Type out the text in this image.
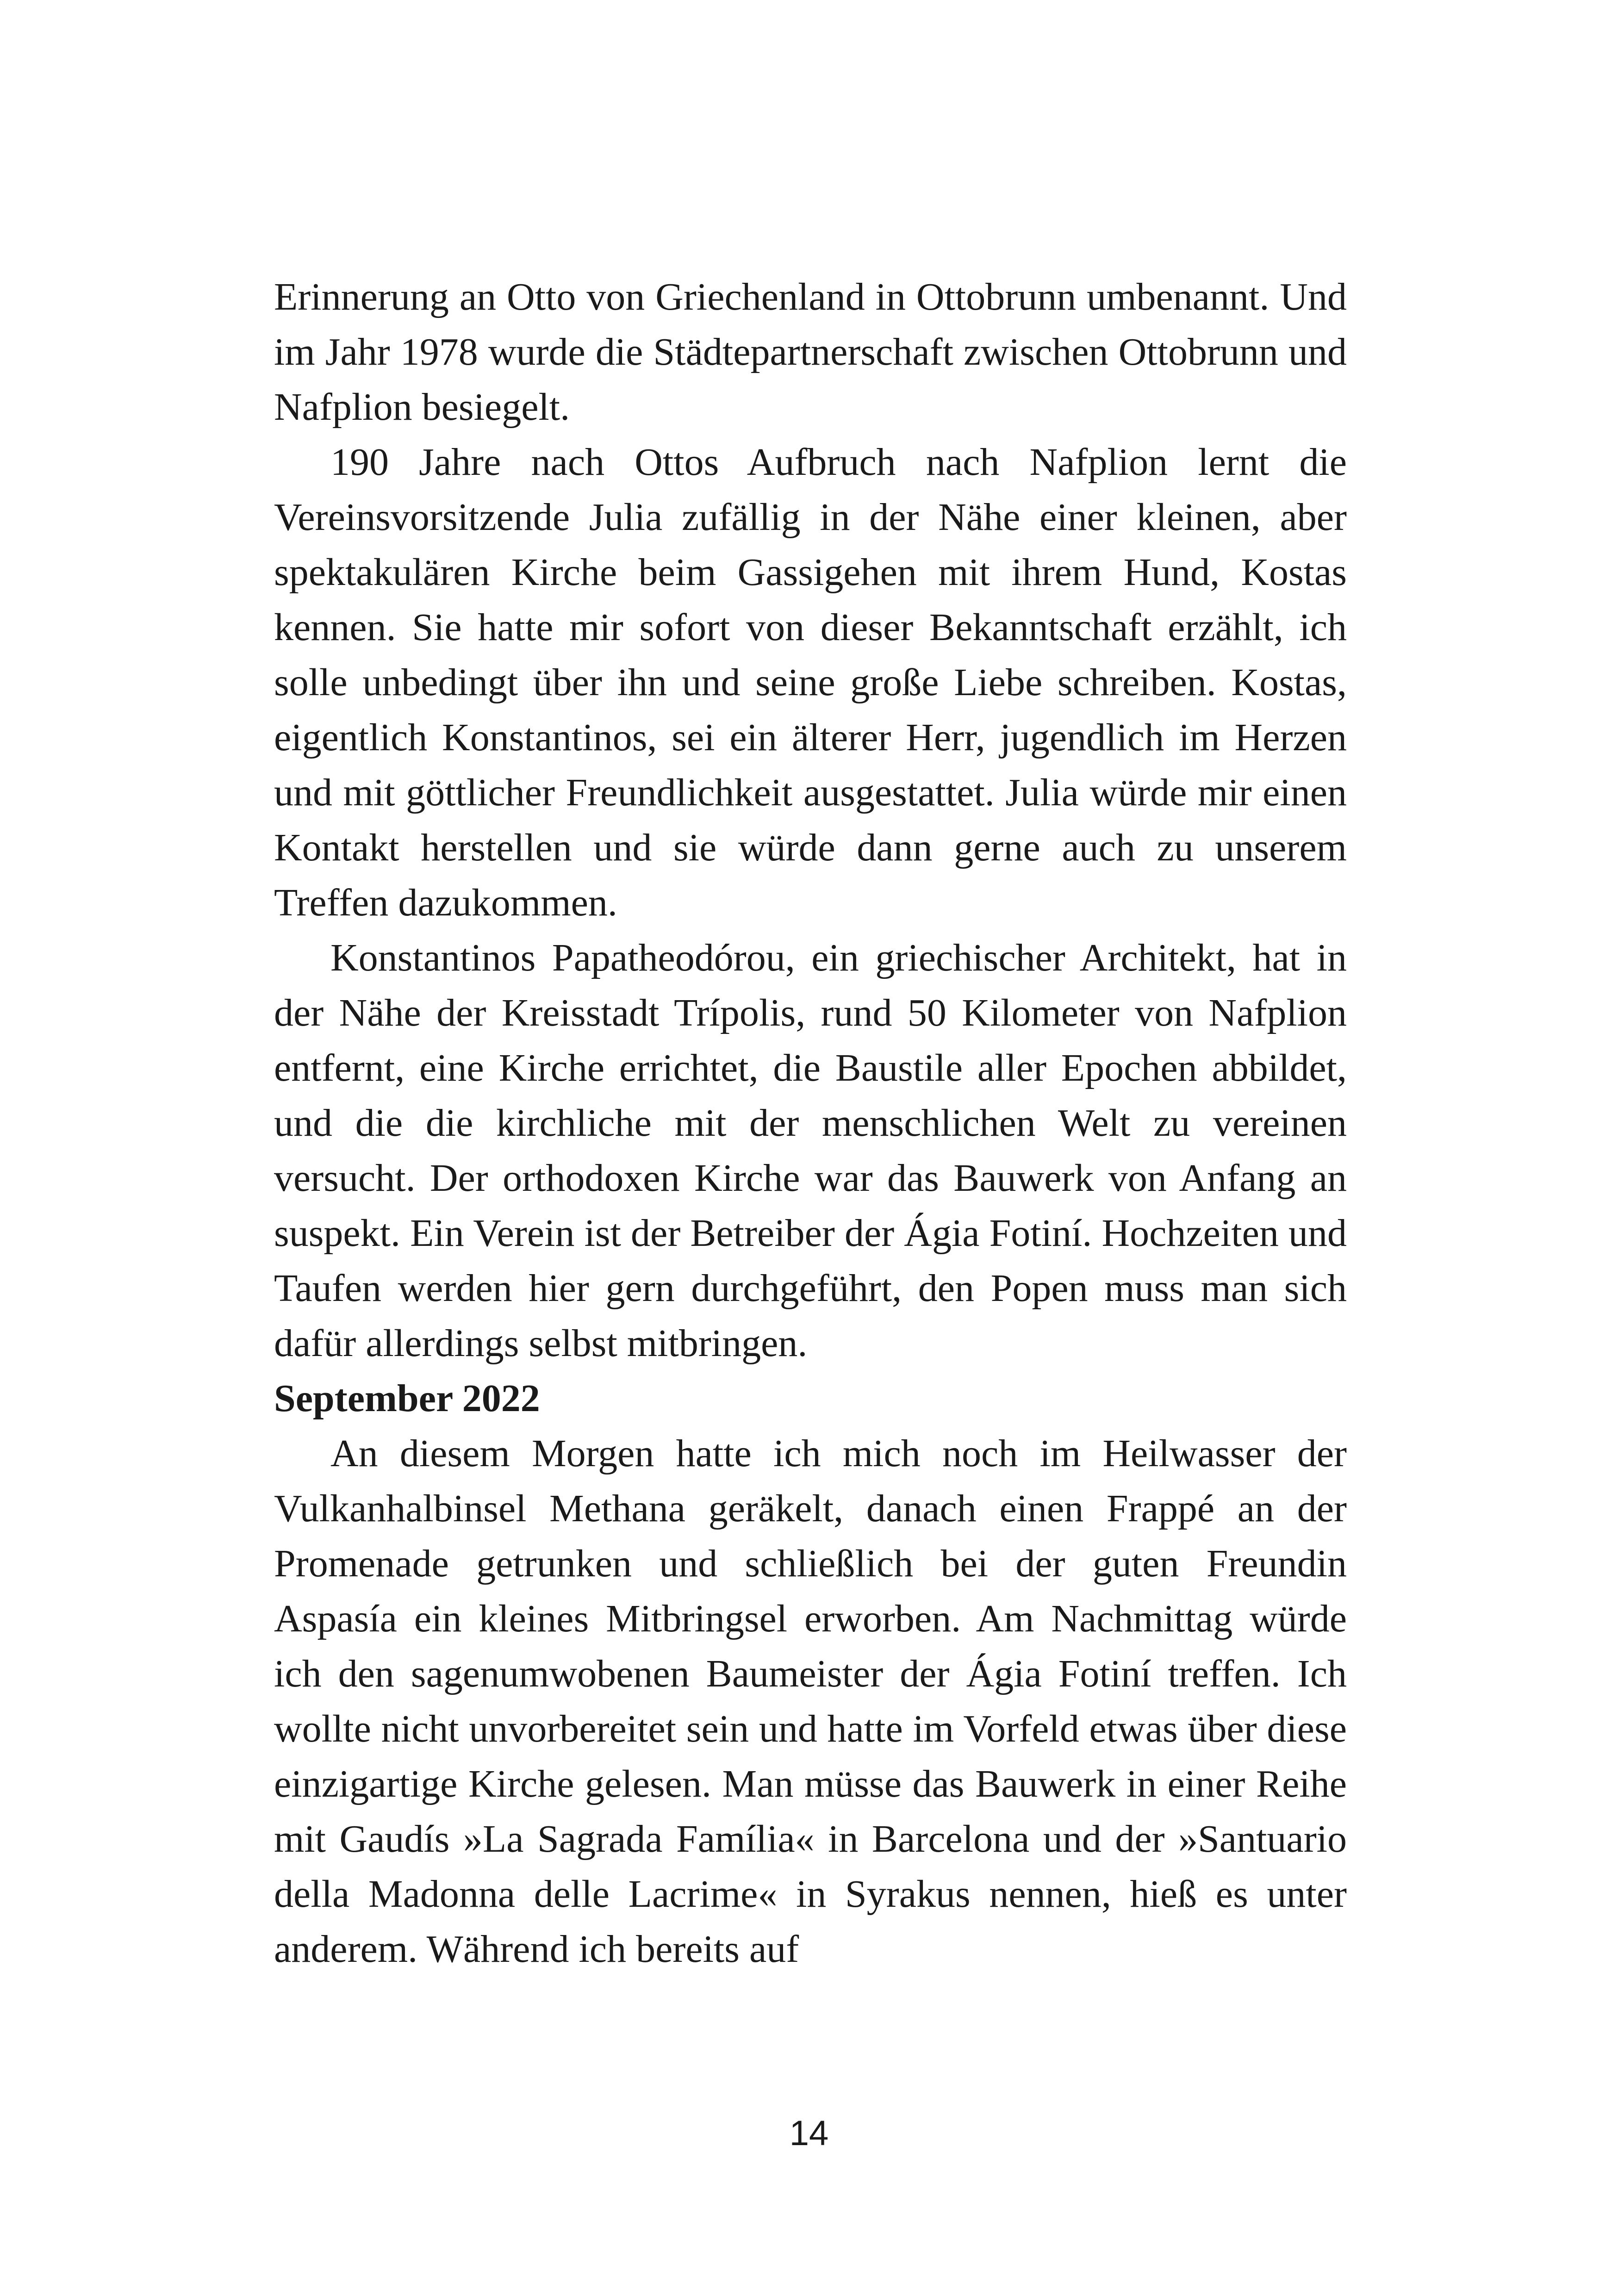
Erinnerung an Otto von Griechenland in Ottobrunn umbenannt. Und im Jahr 1978 wurde die Städtepartnerschaft zwischen Ottobrunn und Nafplion besiegelt.

190 Jahre nach Ottos Aufbruch nach Nafplion lernt die Vereinsvorsitzende Julia zufällig in der Nähe einer kleinen, aber spektakulären Kirche beim Gassigehen mit ihrem Hund, Kostas kennen. Sie hatte mir sofort von dieser Bekanntschaft erzählt, ich solle unbedingt über ihn und seine große Liebe schreiben. Kostas, eigentlich Konstantinos, sei ein älterer Herr, jugendlich im Herzen und mit göttlicher Freundlichkeit ausgestattet. Julia würde mir einen Kontakt herstellen und sie würde dann gerne auch zu unserem Treffen dazukommen.

Konstantinos Papatheodórou, ein griechischer Architekt, hat in der Nähe der Kreisstadt Trípolis, rund 50 Kilometer von Nafplion entfernt, eine Kirche errichtet, die Baustile aller Epochen abbildet, und die die kirchliche mit der menschlichen Welt zu vereinen versucht. Der orthodoxen Kirche war das Bauwerk von Anfang an suspekt. Ein Verein ist der Betreiber der Ágia Fotiní. Hochzeiten und Taufen werden hier gern durchgeführt, den Popen muss man sich dafür allerdings selbst mitbringen.

September 2022

An diesem Morgen hatte ich mich noch im Heilwasser der Vulkanhalbinsel Methana geräkelt, danach einen Frappé an der Promenade getrunken und schließlich bei der guten Freundin Aspasía ein kleines Mitbringsel erworben. Am Nachmittag würde ich den sagenumwobenen Baumeister der Ágia Fotiní treffen. Ich wollte nicht unvorbereitet sein und hatte im Vorfeld etwas über diese einzigartige Kirche gelesen. Man müsse das Bauwerk in einer Reihe mit Gaudís »La Sagrada Família« in Barcelona und der »Santuario della Madonna delle Lacrime« in Syrakus nennen, hieß es unter anderem. Während ich bereits auf

14
